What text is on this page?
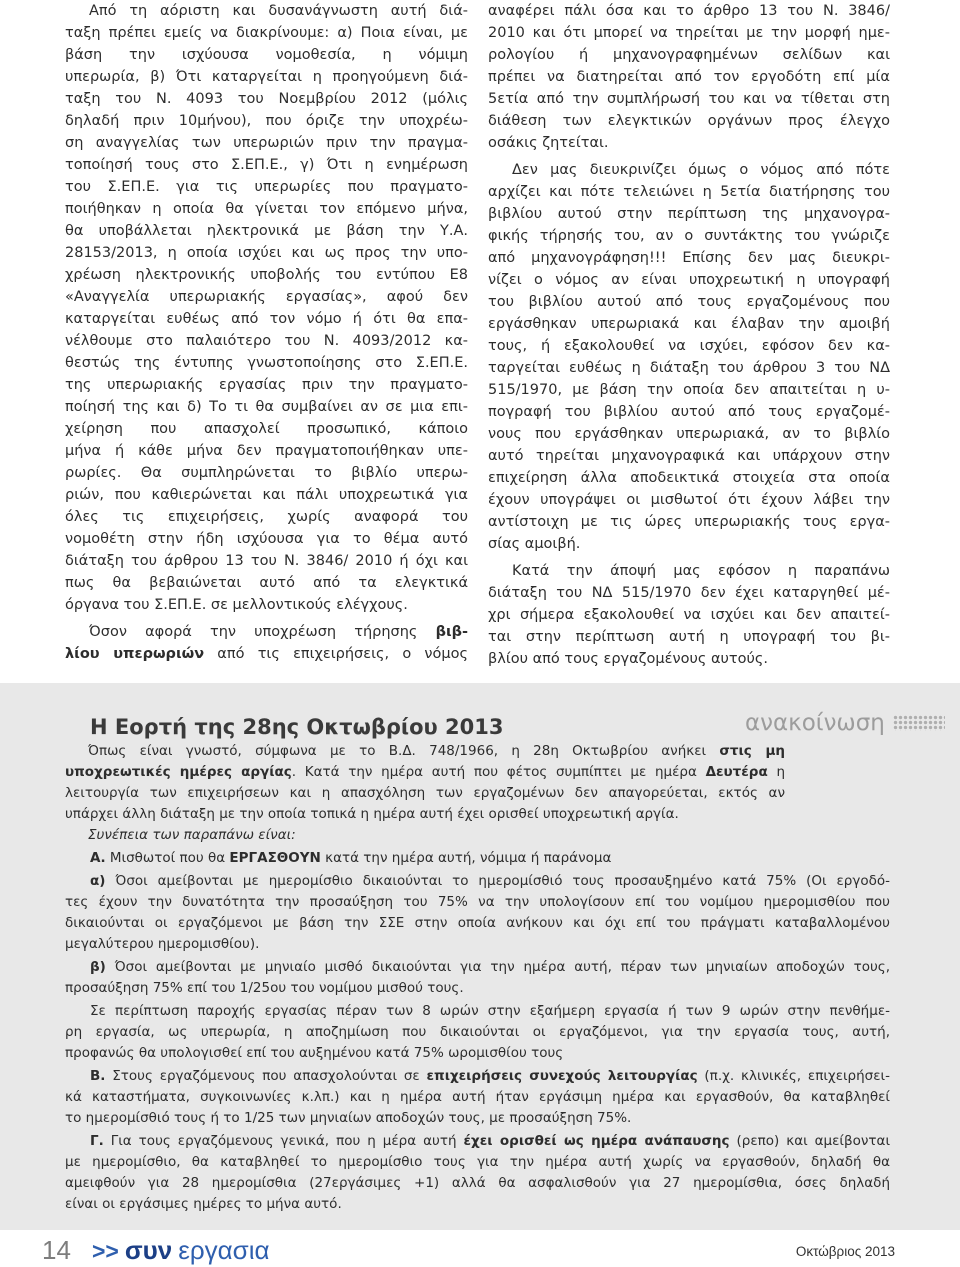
Από τη αόριστη και δυσανάγνωστη αυτή διά-
ταξη πρέπει εμείς να διακρίνουμε: α) Ποια είναι, με
βάση την ισχύουσα νομοθεσία, η νόμιμη
υπερωρία, β) Ότι καταργείται η προηγούμενη διά-
ταξη του Ν. 4093 του Νοεμβρίου 2012 (μόλις
δηλαδή πριν 10μήνου), που όριζε την υποχρέω-
ση αναγγελίας των υπερωριών πριν την πραγμα-
τοποίησή τους στο Σ.ΕΠ.Ε., γ) Ότι η ενημέρωση
του Σ.ΕΠ.Ε. για τις υπερωρίες που πραγματο-
ποιήθηκαν η οποία θα γίνεται τον επόμενο μήνα,
θα υποβάλλεται ηλεκτρονικά με βάση την Υ.Α.
28153/2013, η οποία ισχύει και ως προς την υπο-
χρέωση ηλεκτρονικής υποβολής του εντύπου Ε8
«Αναγγελία υπερωριακής εργασίας», αφού δεν
καταργείται ευθέως από τον νόμο ή ότι θα επα-
νέλθουμε στο παλαιότερο του Ν. 4093/2012 κα-
θεστώς της έντυπης γνωστοποίησης στο Σ.ΕΠ.Ε.
της υπερωριακής εργασίας πριν την πραγματο-
ποίησή της και δ) Το τι θα συμβαίνει αν σε μια επι-
χείρηση που απασχολεί προσωπικό, κάποιο
μήνα ή κάθε μήνα δεν πραγματοποιήθηκαν υπε-
ρωρίες. Θα συμπληρώνεται το βιβλίο υπερω-
ριών, που καθιερώνεται και πάλι υποχρεωτικά για
όλες τις επιχειρήσεις, χωρίς αναφορά του
νομοθέτη στην ήδη ισχύουσα για το θέμα αυτό
διάταξη του άρθρου 13 του Ν. 3846/ 2010 ή όχι και
πως θα βεβαιώνεται αυτό από τα ελεγκτικά
όργανα του Σ.ΕΠ.Ε. σε μελλοντικούς ελέγχους.
Όσον αφορά την υποχρέωση τήρησης βιβ-
λίου υπερωριών από τις επιχειρήσεις, ο νόμος
αναφέρει πάλι όσα και το άρθρο 13 του Ν. 3846/
2010 και ότι μπορεί να τηρείται με την μορφή ημε-
ρολογίου ή μηχανογραφημένων σελίδων και
πρέπει να διατηρείται από τον εργοδότη επί μία
5ετία από την συμπλήρωσή του και να τίθεται στη
διάθεση των ελεγκτικών οργάνων προς έλεγχο
οσάκις ζητείται.
Δεν μας διευκρινίζει όμως ο νόμος από πότε
αρχίζει και πότε τελειώνει η 5ετία διατήρησης του
βιβλίου αυτού στην περίπτωση της μηχανογρα-
φικής τήρησής του, αν ο συντάκτης του γνώριζε
από μηχανογράφηση!!! Επίσης δεν μας διευκρι-
νίζει ο νόμος αν είναι υποχρεωτική η υπογραφή
του βιβλίου αυτού από τους εργαζομένους που
εργάσθηκαν υπερωριακά και έλαβαν την αμοιβή
τους, ή εξακολουθεί να ισχύει, εφόσον δεν κα-
ταργείται ευθέως η διάταξη του άρθρου 3 του ΝΔ
515/1970, με βάση την οποία δεν απαιτείται η υ-
πογραφή του βιβλίου αυτού από τους εργαζομέ-
νους που εργάσθηκαν υπερωριακά, αν το βιβλίο
αυτό τηρείται μηχανογραφικά και υπάρχουν στην
επιχείρηση άλλα αποδεικτικά στοιχεία στα οποία
έχουν υπογράψει οι μισθωτοί ότι έχουν λάβει την
αντίστοιχη με τις ώρες υπερωριακής τους εργα-
σίας αμοιβή.
Κατά την άποψή μας εφόσον η παραπάνω
διάταξη του ΝΔ 515/1970 δεν έχει καταργηθεί μέ-
χρι σήμερα εξακολουθεί να ισχύει και δεν απαιτεί-
ται στην περίπτωση αυτή η υπογραφή του βι-
βλίου από τους εργαζομένους αυτούς.
Η Εορτή της 28ης Οκτωβρίου 2013	ανακοίνωση
Όπως είναι γνωστό, σύμφωνα με το Β.Δ. 748/1966, η 28η Οκτωβρίου ανήκει στις μη
υποχρεωτικές ημέρες αργίας. Κατά την ημέρα αυτή που φέτος συμπίπτει με ημέρα Δευτέρα η
λειτουργία των επιχειρήσεων και η απασχόληση των εργαζομένων δεν απαγορεύεται, εκτός αν
υπάρχει άλλη διάταξη με την οποία τοπικά η ημέρα αυτή έχει ορισθεί υποχρεωτική αργία.
Συνέπεια των παραπάνω είναι:
Α. Μισθωτοί που θα ΕΡΓΑΣΘΟΥΝ κατά την ημέρα αυτή, νόμιμα ή παράνομα
α) Όσοι αμείβονται με ημερομίσθιο δικαιούνται το ημερομίσθιό τους προσαυξημένο κατά 75% (Οι εργοδό-
τες έχουν την δυνατότητα την προσαύξηση του 75% να την υπολογίσουν επί του νομίμου ημερομισθίου που
δικαιούνται οι εργαζόμενοι με βάση την ΣΣΕ στην οποία ανήκουν και όχι επί του πράγματι καταβαλλομένου
μεγαλύτερου ημερομισθίου).
β) Όσοι αμείβονται με μηνιαίο μισθό δικαιούνται για την ημέρα αυτή, πέραν των μηνιαίων αποδοχών τους,
προσαύξηση 75% επί του 1/25ου του νομίμου μισθού τους.
Σε περίπτωση παροχής εργασίας πέραν των 8 ωρών στην εξαήμερη εργασία ή των 9 ωρών στην πενθήμε-
ρη εργασία, ως υπερωρία, η αποζημίωση που δικαιούνται οι εργαζόμενοι, για την εργασία τους, αυτή,
προφανώς θα υπολογισθεί επί του αυξημένου κατά 75% ωρομισθίου τους
Β. Στους εργαζόμενους που απασχολούνται σε επιχειρήσεις συνεχούς λειτουργίας (π.χ. κλινικές, επιχειρήσει-
κά καταστήματα, συγκοινωνίες κ.λπ.) και η ημέρα αυτή ήταν εργάσιμη ημέρα και εργασθούν, θα καταβληθεί
το ημερομίσθιό τους ή το 1/25 των μηνιαίων αποδοχών τους, με προσαύξηση 75%.
Γ. Για τους εργαζόμενους γενικά, που η μέρα αυτή έχει ορισθεί ως ημέρα ανάπαυσης (ρεπο) και αμείβονται
με ημερομίσθιο, θα καταβληθεί το ημερομίσθιο τους για την ημέρα αυτή χωρίς να εργασθούν, δηλαδή θα
αμειφθούν για 28 ημερομίσθια (27εργάσιμες +1) αλλά θα ασφαλισθούν για 27 ημερομίσθια, όσες δηλαδή
είναι οι εργάσιμες ημέρες το μήνα αυτό.
14 >> συν εργασια	Οκτώβριος 2013
